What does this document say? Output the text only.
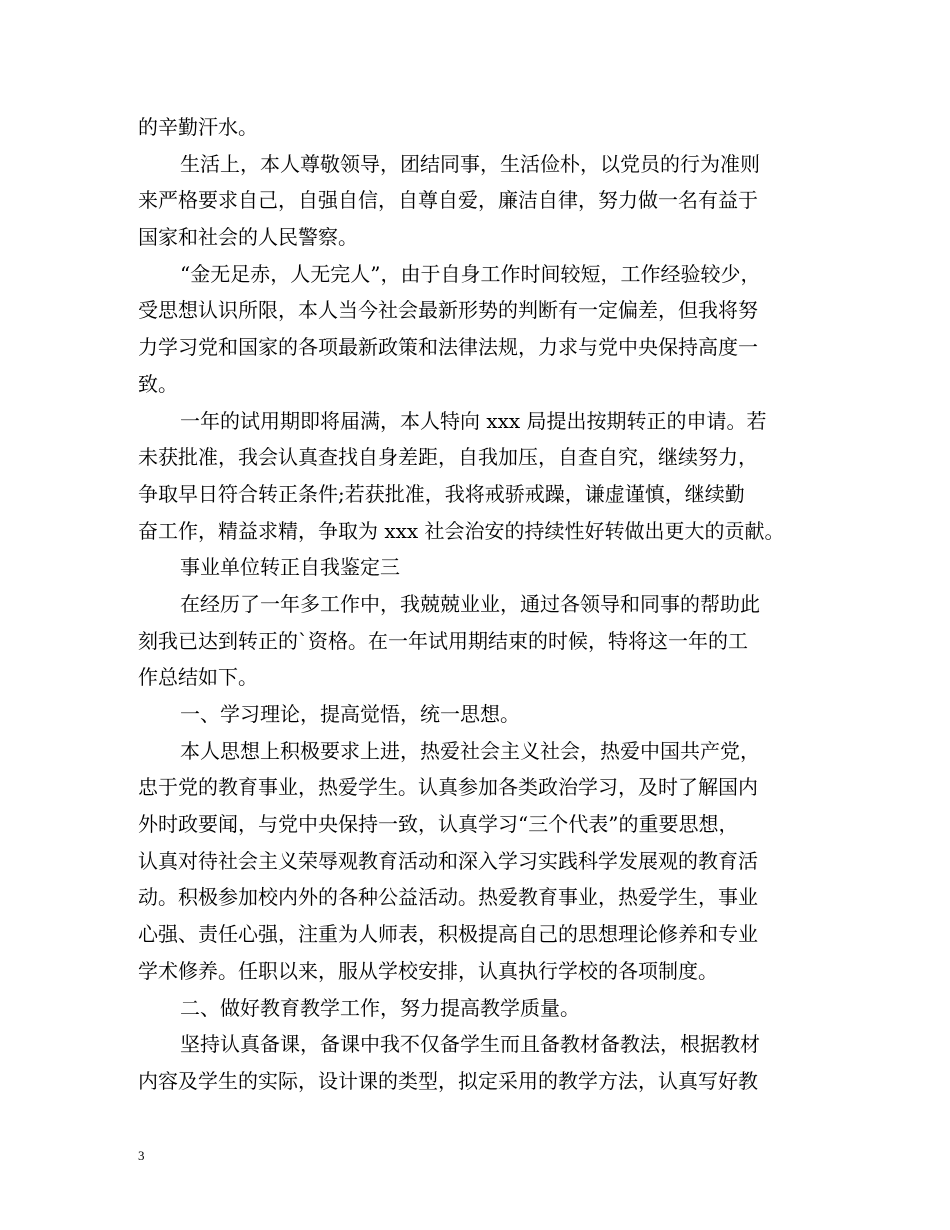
的辛勤汗水。
生活上，本人尊敬领导，团结同事，生活俭朴，以党员的行为准则
来严格要求自己，自强自信，自尊自爱，廉洁自律，努力做一名有益于
国家和社会的人民警察。
“金无足赤，人无完人”，由于自身工作时间较短，工作经验较少，
受思想认识所限，本人当今社会最新形势的判断有一定偏差，但我将努
力学习党和国家的各项最新政策和法律法规，力求与党中央保持高度一
致。
一年的试用期即将届满，本人特向 xxx 局提出按期转正的申请。若
未获批准，我会认真查找自身差距，自我加压，自查自究，继续努力，
争取早日符合转正条件;若获批准，我将戒骄戒躁，谦虚谨慎，继续勤
奋工作，精益求精，争取为 xxx 社会治安的持续性好转做出更大的贡献。
事业单位转正自我鉴定三
在经历了一年多工作中，我兢兢业业，通过各领导和同事的帮助此
刻我已达到转正的`资格。在一年试用期结束的时候，特将这一年的工
作总结如下。
一、学习理论，提高觉悟，统一思想。
本人思想上积极要求上进，热爱社会主义社会，热爱中国共产党，
忠于党的教育事业，热爱学生。认真参加各类政治学习，及时了解国内
外时政要闻，与党中央保持一致，认真学习“三个代表”的重要思想，
认真对待社会主义荣辱观教育活动和深入学习实践科学发展观的教育活
动。积极参加校内外的各种公益活动。热爱教育事业，热爱学生，事业
心强、责任心强，注重为人师表，积极提高自己的思想理论修养和专业
学术修养。任职以来，服从学校安排，认真执行学校的各项制度。
二、做好教育教学工作，努力提高教学质量。
坚持认真备课，备课中我不仅备学生而且备教材备教法，根据教材
内容及学生的实际，设计课的类型，拟定采用的教学方法，认真写好教
3
